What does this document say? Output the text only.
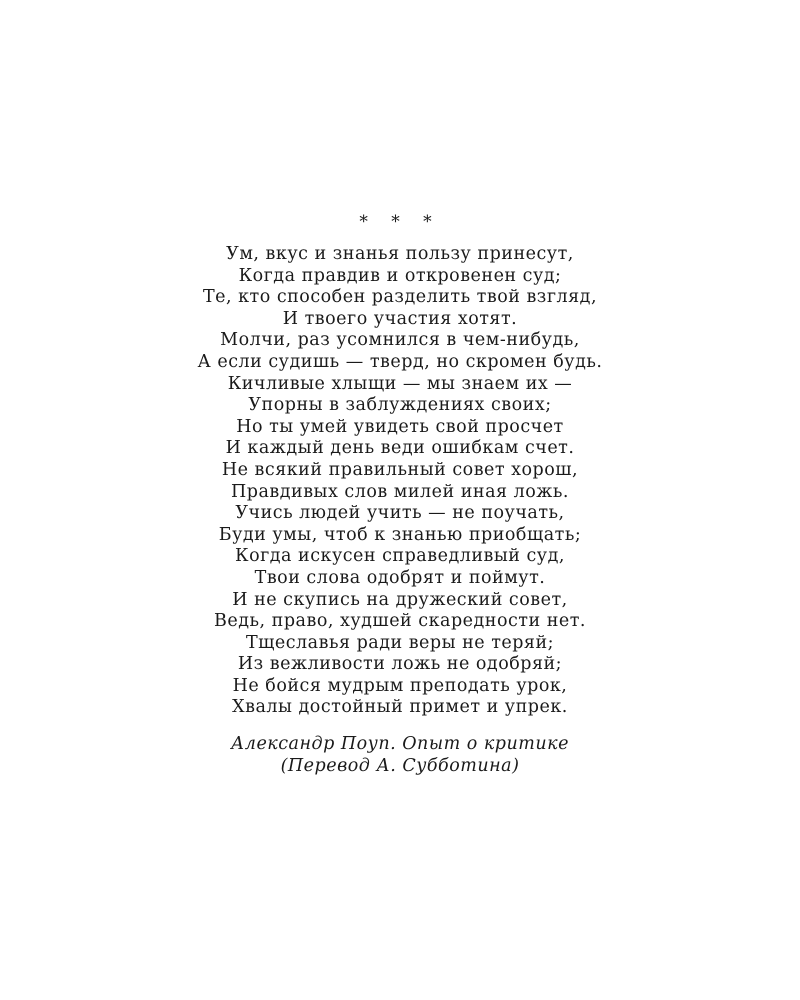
* * *
Ум, вкус и знанья пользу принесут,
Когда правдив и откровенен суд;
Те, кто способен разделить твой взгляд,
И твоего участия хотят.
Молчи, раз усомнился в чем-нибудь,
А если судишь — тверд, но скромен будь.
Кичливые хлыщи — мы знаем их —
Упорны в заблуждениях своих;
Но ты умей увидеть свой просчет
И каждый день веди ошибкам счет.
Не всякий правильный совет хорош,
Правдивых слов милей иная ложь.
Учись людей учить — не поучать,
Буди умы, чтоб к знанью приобщать;
Когда искусен справедливый суд,
Твои слова одобрят и поймут.
И не скупись на дружеский совет,
Ведь, право, худшей скаредности нет.
Тщеславья ради веры не теряй;
Из вежливости ложь не одобряй;
Не бойся мудрым преподать урок,
Хвалы достойный примет и упрек.
Александр Поуп. Опыт о критике
(Перевод А. Субботина)
